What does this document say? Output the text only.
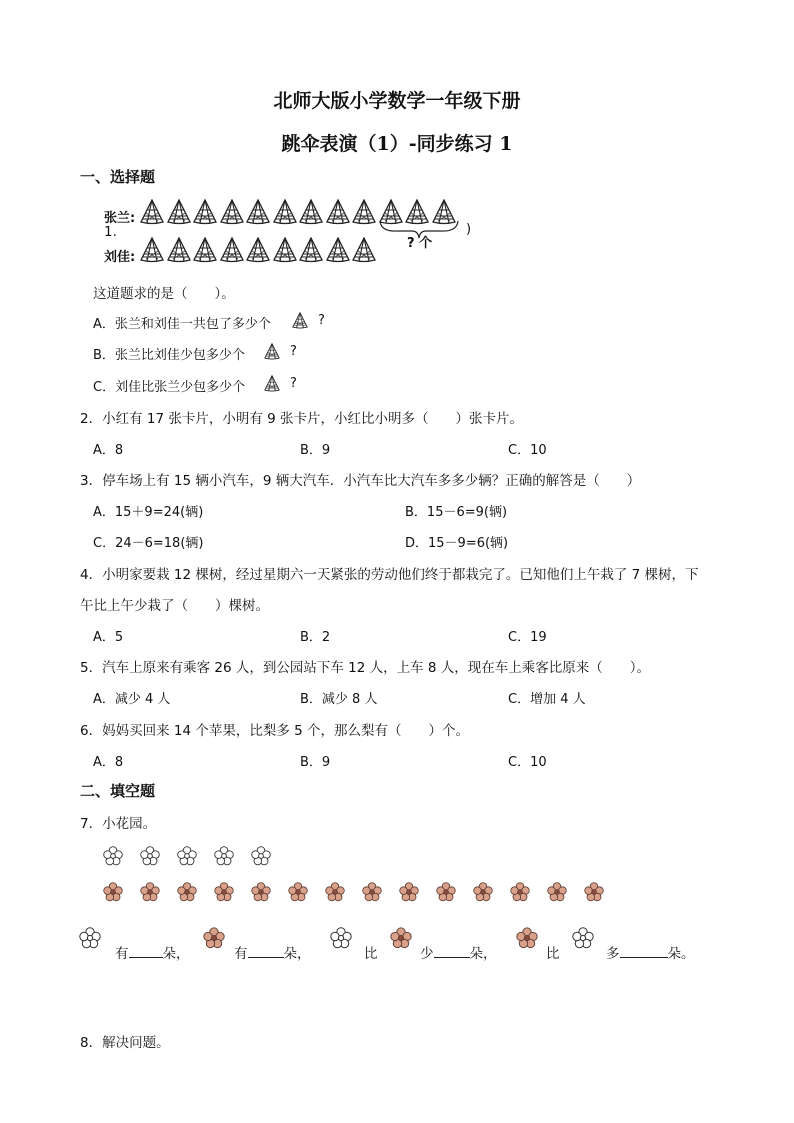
北师大版小学数学一年级下册
跳伞表演（1）-同步练习 1
一、选择题
1.
张兰:
刘佳:
? 个
)
这道题求的是（　　）。
A．张兰和刘佳一共包了多少个	?
B．张兰比刘佳少包多少个	?
C．刘佳比张兰少包多少个	?
2．小红有 17 张卡片，小明有 9 张卡片，小红比小明多（　　）张卡片。
A．8	B．9	C．10
3．停车场上有 15 辆小汽车，9 辆大汽车．小汽车比大汽车多多少辆？正确的解答是（　　）
A．15＋9=24(辆)	B．15－6=9(辆)
C．24－6=18(辆)	D．15－9=6(辆)
4．小明家要栽 12 棵树，经过星期六一天紧张的劳动他们终于都栽完了。已知他们上午栽了 7 棵树，下
午比上午少栽了（　　）棵树。
A．5	B．2	C．19
5．汽车上原来有乘客 26 人，到公园站下车 12 人，上车 8 人，现在车上乘客比原来（　　）。
A．减少 4 人	B．减少 8 人	C．增加 4 人
6．妈妈买回来 14 个苹果，比梨多 5 个，那么梨有（　　）个。
A．8	B．9	C．10
二、填空题
7．小花园。
有	朵，	有	朵，	比	少	朵，	比	多	朵。
8．解决问题。
